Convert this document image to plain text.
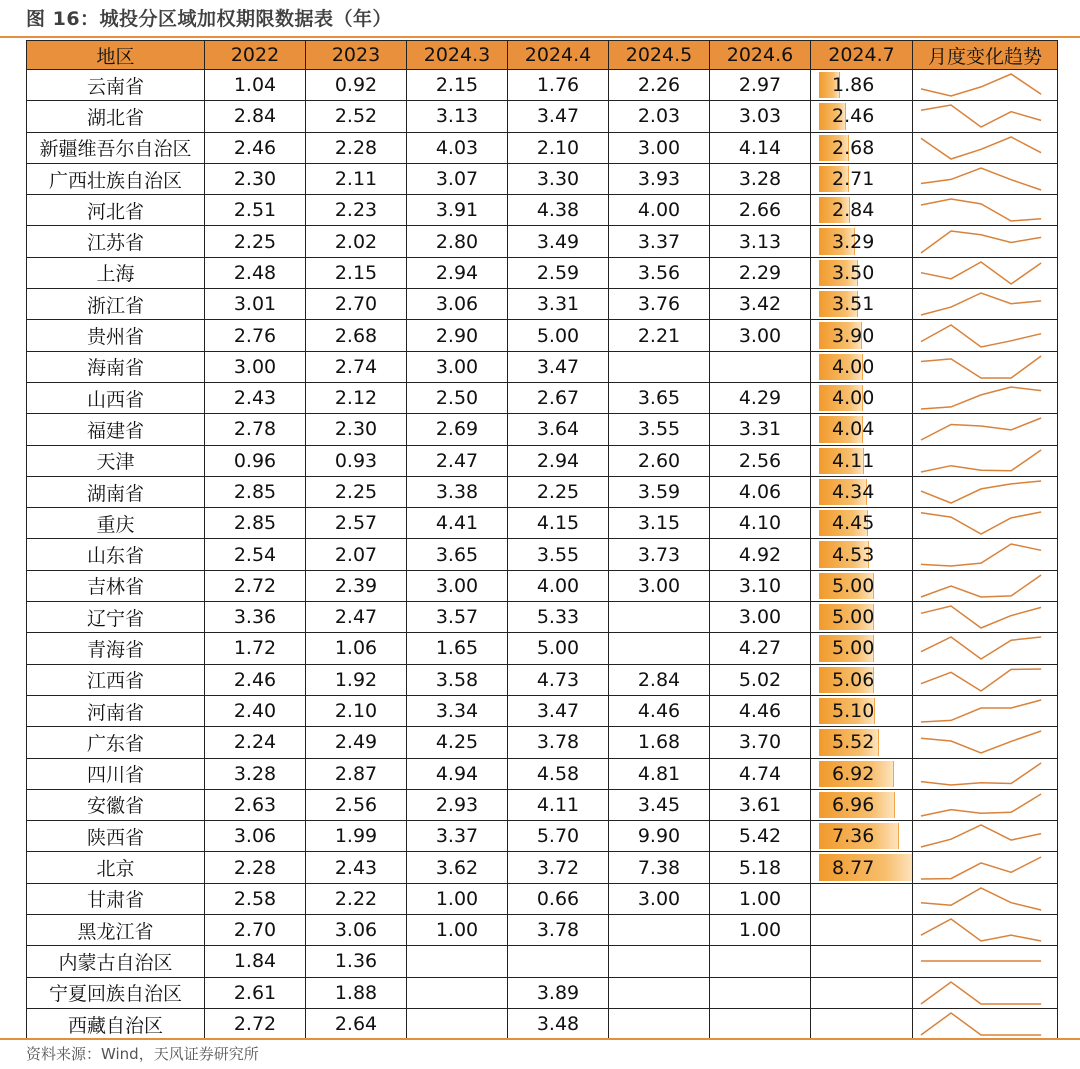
图 16：城投分区域加权期限数据表（年）
地区	2022	2023	2024.3	2024.4	2024.5	2024.6	2024.7	月度变化趋势
云南省	1.04	0.92	2.15	1.76	2.26	2.97	1.86	

湖北省	2.84	2.52	3.13	3.47	2.03	3.03	2.46	

新疆维吾尔自治区	2.46	2.28	4.03	2.10	3.00	4.14	2.68	

广西壮族自治区	2.30	2.11	3.07	3.30	3.93	3.28	2.71	

河北省	2.51	2.23	3.91	4.38	4.00	2.66	2.84	

江苏省	2.25	2.02	2.80	3.49	3.37	3.13	3.29	

上海	2.48	2.15	2.94	2.59	3.56	2.29	3.50	

浙江省	3.01	2.70	3.06	3.31	3.76	3.42	3.51	

贵州省	2.76	2.68	2.90	5.00	2.21	3.00	3.90	

海南省	3.00	2.74	3.00	3.47			4.00	

山西省	2.43	2.12	2.50	2.67	3.65	4.29	4.00	

福建省	2.78	2.30	2.69	3.64	3.55	3.31	4.04	

天津	0.96	0.93	2.47	2.94	2.60	2.56	4.11	

湖南省	2.85	2.25	3.38	2.25	3.59	4.06	4.34	

重庆	2.85	2.57	4.41	4.15	3.15	4.10	4.45	

山东省	2.54	2.07	3.65	3.55	3.73	4.92	4.53	

吉林省	2.72	2.39	3.00	4.00	3.00	3.10	5.00	

辽宁省	3.36	2.47	3.57	5.33		3.00	5.00	

青海省	1.72	1.06	1.65	5.00		4.27	5.00	

江西省	2.46	1.92	3.58	4.73	2.84	5.02	5.06	

河南省	2.40	2.10	3.34	3.47	4.46	4.46	5.10	

广东省	2.24	2.49	4.25	3.78	1.68	3.70	5.52	

四川省	3.28	2.87	4.94	4.58	4.81	4.74	6.92	

安徽省	2.63	2.56	2.93	4.11	3.45	3.61	6.96	

陕西省	3.06	1.99	3.37	5.70	9.90	5.42	7.36	

北京	2.28	2.43	3.62	3.72	7.38	5.18	8.77	

甘肃省	2.58	2.22	1.00	0.66	3.00	1.00		

黑龙江省	2.70	3.06	1.00	3.78		1.00		

内蒙古自治区	1.84	1.36						

宁夏回族自治区	2.61	1.88		3.89				

西藏自治区	2.72	2.64		3.48				
资料来源：Wind，天风证券研究所
